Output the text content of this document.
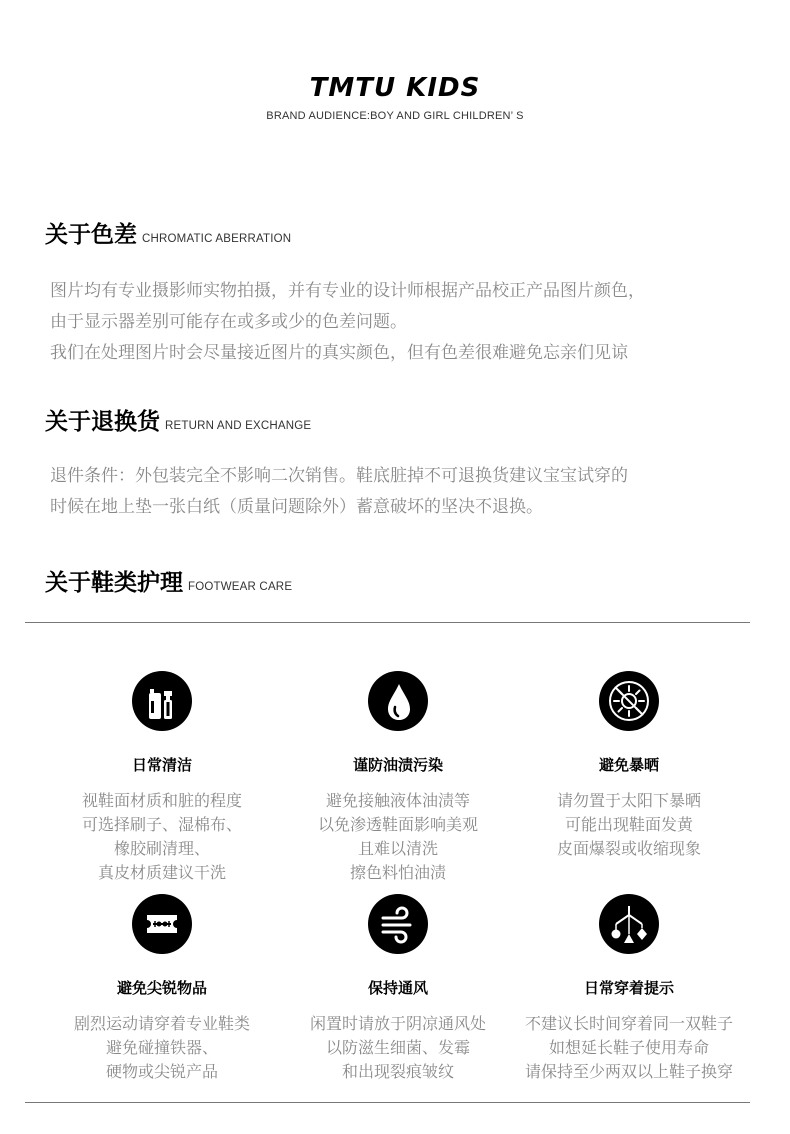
TMTU KIDS
BRAND AUDIENCE:BOY AND GIRL CHILDREN’ S
关于色差 CHROMATIC ABERRATION
图片均有专业摄影师实物拍摄，并有专业的设计师根据产品校正产品图片颜色，
由于显示器差别可能存在或多或少的色差问题。
我们在处理图片时会尽量接近图片的真实颜色，但有色差很难避免忘亲们见谅
关于退换货 RETURN AND EXCHANGE
退件条件：外包装完全不影响二次销售。鞋底脏掉不可退换货建议宝宝试穿的
时候在地上垫一张白纸（质量问题除外）蓄意破坏的坚决不退换。
关于鞋类护理 FOOTWEAR CARE
日常清洁
视鞋面材质和脏的程度
可选择刷子、湿棉布、
橡胶刷清理、
真皮材质建议干洗
谨防油渍污染
避免接触液体油渍等
以免渗透鞋面影响美观
且难以清洗
擦色料怕油渍
避免暴晒
请勿置于太阳下暴晒
可能出现鞋面发黄
皮面爆裂或收缩现象
避免尖锐物品
剧烈运动请穿着专业鞋类
避免碰撞铁器、
硬物或尖锐产品
保持通风
闲置时请放于阴凉通风处
以防滋生细菌、发霉
和出现裂痕皱纹
日常穿着提示
不建议长时间穿着同一双鞋子
如想延长鞋子使用寿命
请保持至少两双以上鞋子换穿
